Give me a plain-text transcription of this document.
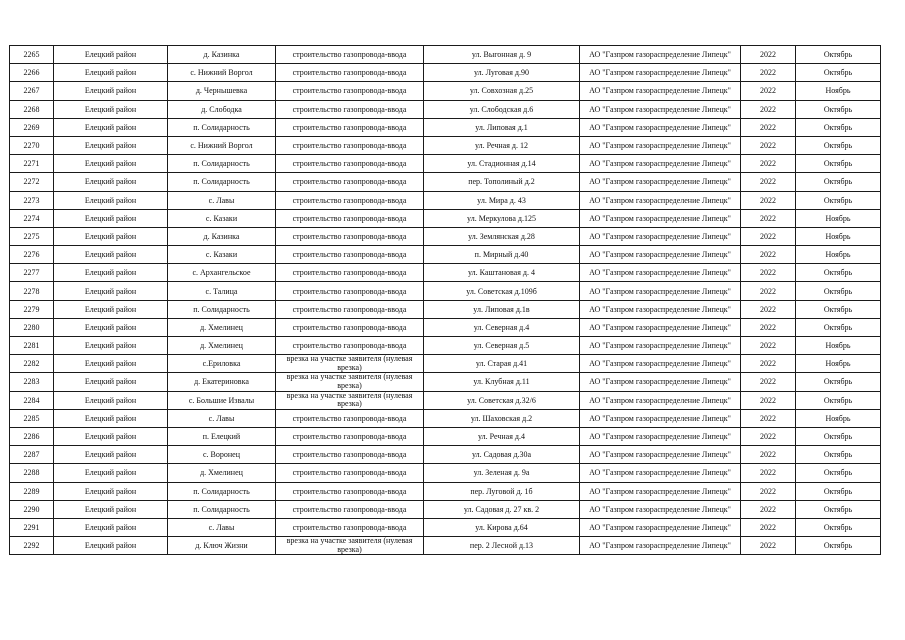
2265	Елецкий район	д. Казинка	строительство газопровода-ввода	ул. Выгонная д. 9	АО "Газпром газораспределение Липецк"	2022	Октябрь
2266	Елецкий район	с. Нижний Воргол	строительство газопровода-ввода	ул. Луговая д.90	АО "Газпром газораспределение Липецк"	2022	Октябрь
2267	Елецкий район	д. Чернышевка	строительство газопровода-ввода	ул. Совхозная д.25	АО "Газпром газораспределение Липецк"	2022	Ноябрь
2268	Елецкий район	д. Слободка	строительство газопровода-ввода	ул. Слободская д.6	АО "Газпром газораспределение Липецк"	2022	Октябрь
2269	Елецкий район	п. Солидарность	строительство газопровода-ввода	ул. Липовая д.1	АО "Газпром газораспределение Липецк"	2022	Октябрь
2270	Елецкий район	с. Нижний Воргол	строительство газопровода-ввода	ул. Речная д. 12	АО "Газпром газораспределение Липецк"	2022	Октябрь
2271	Елецкий район	п. Солидарность	строительство газопровода-ввода	ул. Стадионная д.14	АО "Газпром газораспределение Липецк"	2022	Октябрь
2272	Елецкий район	п. Солидарность	строительство газопровода-ввода	пер. Тополиный д.2	АО "Газпром газораспределение Липецк"	2022	Октябрь
2273	Елецкий район	с. Лавы	строительство газопровода-ввода	ул. Мира д. 43	АО "Газпром газораспределение Липецк"	2022	Октябрь
2274	Елецкий район	с. Казаки	строительство газопровода-ввода	ул. Меркулова д.125	АО "Газпром газораспределение Липецк"	2022	Ноябрь
2275	Елецкий район	д. Казинка	строительство газопровода-ввода	ул. Землянская д.28	АО "Газпром газораспределение Липецк"	2022	Ноябрь
2276	Елецкий район	с. Казаки	строительство газопровода-ввода	п. Мирный д.40	АО "Газпром газораспределение Липецк"	2022	Ноябрь
2277	Елецкий район	с. Архангельское	строительство газопровода-ввода	ул. Каштановая д. 4	АО "Газпром газораспределение Липецк"	2022	Октябрь
2278	Елецкий район	с. Талица	строительство газопровода-ввода	ул. Советская д.109б	АО "Газпром газораспределение Липецк"	2022	Октябрь
2279	Елецкий район	п. Солидарность	строительство газопровода-ввода	ул. Липовая д.1в	АО "Газпром газораспределение Липецк"	2022	Октябрь
2280	Елецкий район	д. Хмелинец	строительство газопровода-ввода	ул. Северная д.4	АО "Газпром газораспределение Липецк"	2022	Октябрь
2281	Елецкий район	д. Хмелинец	строительство газопровода-ввода	ул. Северная д.5	АО "Газпром газораспределение Липецк"	2022	Ноябрь
2282	Елецкий район	с.Ериловка	врезка на участке заявителя (нулевая врезка)	ул. Старая д.41	АО "Газпром газораспределение Липецк"	2022	Ноябрь
2283	Елецкий район	д. Екатериновка	врезка на участке заявителя (нулевая врезка)	ул. Клубная д.11	АО "Газпром газораспределение Липецк"	2022	Октябрь
2284	Елецкий район	с. Большие Извалы	врезка на участке заявителя (нулевая врезка)	ул. Советская д.32/6	АО "Газпром газораспределение Липецк"	2022	Октябрь
2285	Елецкий район	с. Лавы	строительство газопровода-ввода	ул. Шаховская д.2	АО "Газпром газораспределение Липецк"	2022	Ноябрь
2286	Елецкий район	п. Елецкий	строительство газопровода-ввода	ул. Речная д.4	АО "Газпром газораспределение Липецк"	2022	Октябрь
2287	Елецкий район	с. Воронец	строительство газопровода-ввода	ул. Садовая д.30а	АО "Газпром газораспределение Липецк"	2022	Октябрь
2288	Елецкий район	д. Хмелинец	строительство газопровода-ввода	ул. Зеленая д. 9а	АО "Газпром газораспределение Липецк"	2022	Октябрь
2289	Елецкий район	п. Солидарность	строительство газопровода-ввода	пер. Луговой д. 1б	АО "Газпром газораспределение Липецк"	2022	Октябрь
2290	Елецкий район	п. Солидарность	строительство газопровода-ввода	ул. Садовая д. 27 кв. 2	АО "Газпром газораспределение Липецк"	2022	Октябрь
2291	Елецкий район	с. Лавы	строительство газопровода-ввода	ул. Кирова д.64	АО "Газпром газораспределение Липецк"	2022	Октябрь
2292	Елецкий район	д. Ключ Жизни	врезка на участке заявителя (нулевая врезка)	пер. 2 Лесной д.13	АО "Газпром газораспределение Липецк"	2022	Октябрь
